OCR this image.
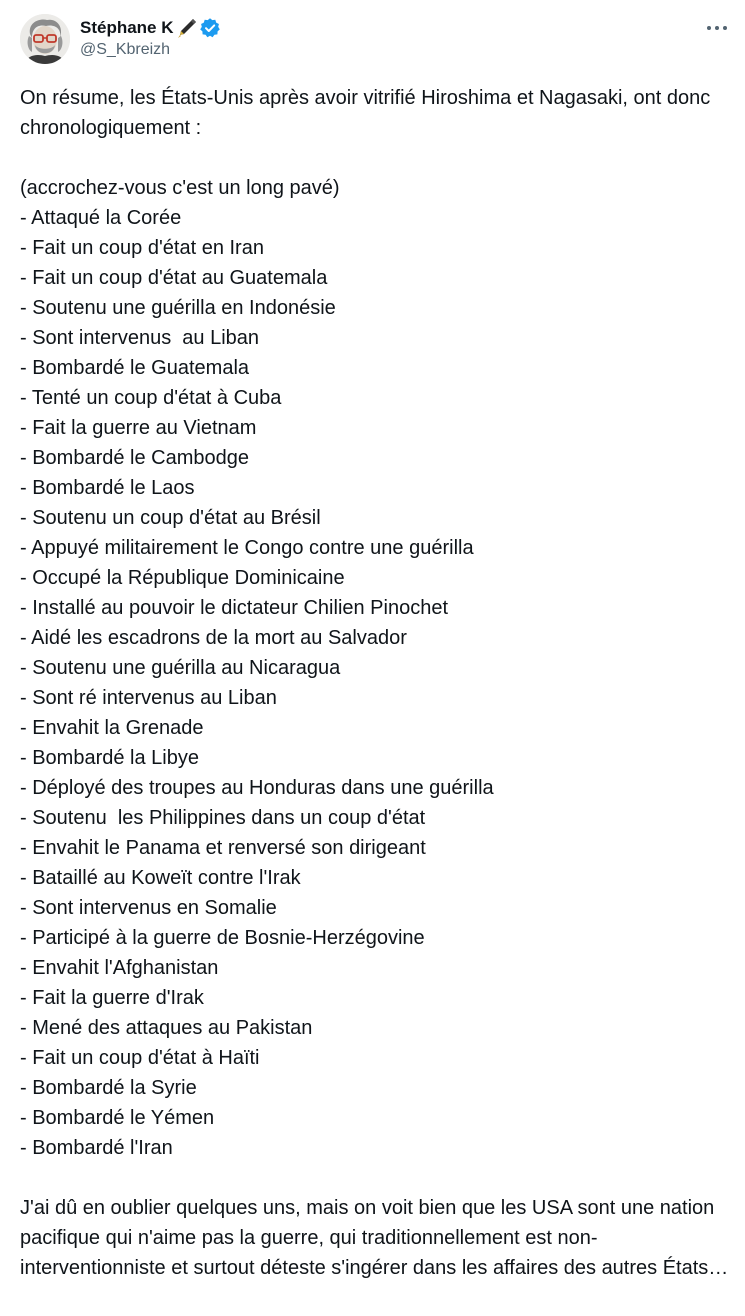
Stéphane K
@S_Kbreizh

On résume, les États-Unis après avoir vitrifié Hiroshima et Nagasaki, ont donc chronologiquement :

(accrochez-vous c'est un long pavé)

- Attaqué la Corée
- Fait un coup d'état en Iran
- Fait un coup d'état au Guatemala
- Soutenu une guérilla en Indonésie
- Sont intervenus  au Liban
- Bombardé le Guatemala
- Tenté un coup d'état à Cuba
- Fait la guerre au Vietnam
- Bombardé le Cambodge
- Bombardé le Laos
- Soutenu un coup d'état au Brésil
- Appuyé militairement le Congo contre une guérilla
- Occupé la République Dominicaine
- Installé au pouvoir le dictateur Chilien Pinochet
- Aidé les escadrons de la mort au Salvador
- Soutenu une guérilla au Nicaragua
- Sont ré intervenus au Liban
- Envahit la Grenade
- Bombardé la Libye
- Déployé des troupes au Honduras dans une guérilla
- Soutenu  les Philippines dans un coup d'état
- Envahit le Panama et renversé son dirigeant
- Bataillé au Koweït contre l'Irak
- Sont intervenus en Somalie
- Participé à la guerre de Bosnie-Herzégovine
- Envahit l'Afghanistan
- Fait la guerre d'Irak
- Mené des attaques au Pakistan
- Fait un coup d'état à Haïti
- Bombardé la Syrie
- Bombardé le Yémen
- Bombardé l'Iran

J'ai dû en oublier quelques uns, mais on voit bien que les USA sont une nation pacifique qui n'aime pas la guerre, qui traditionnellement est non-interventionniste et surtout déteste s'ingérer dans les affaires des autres États…
